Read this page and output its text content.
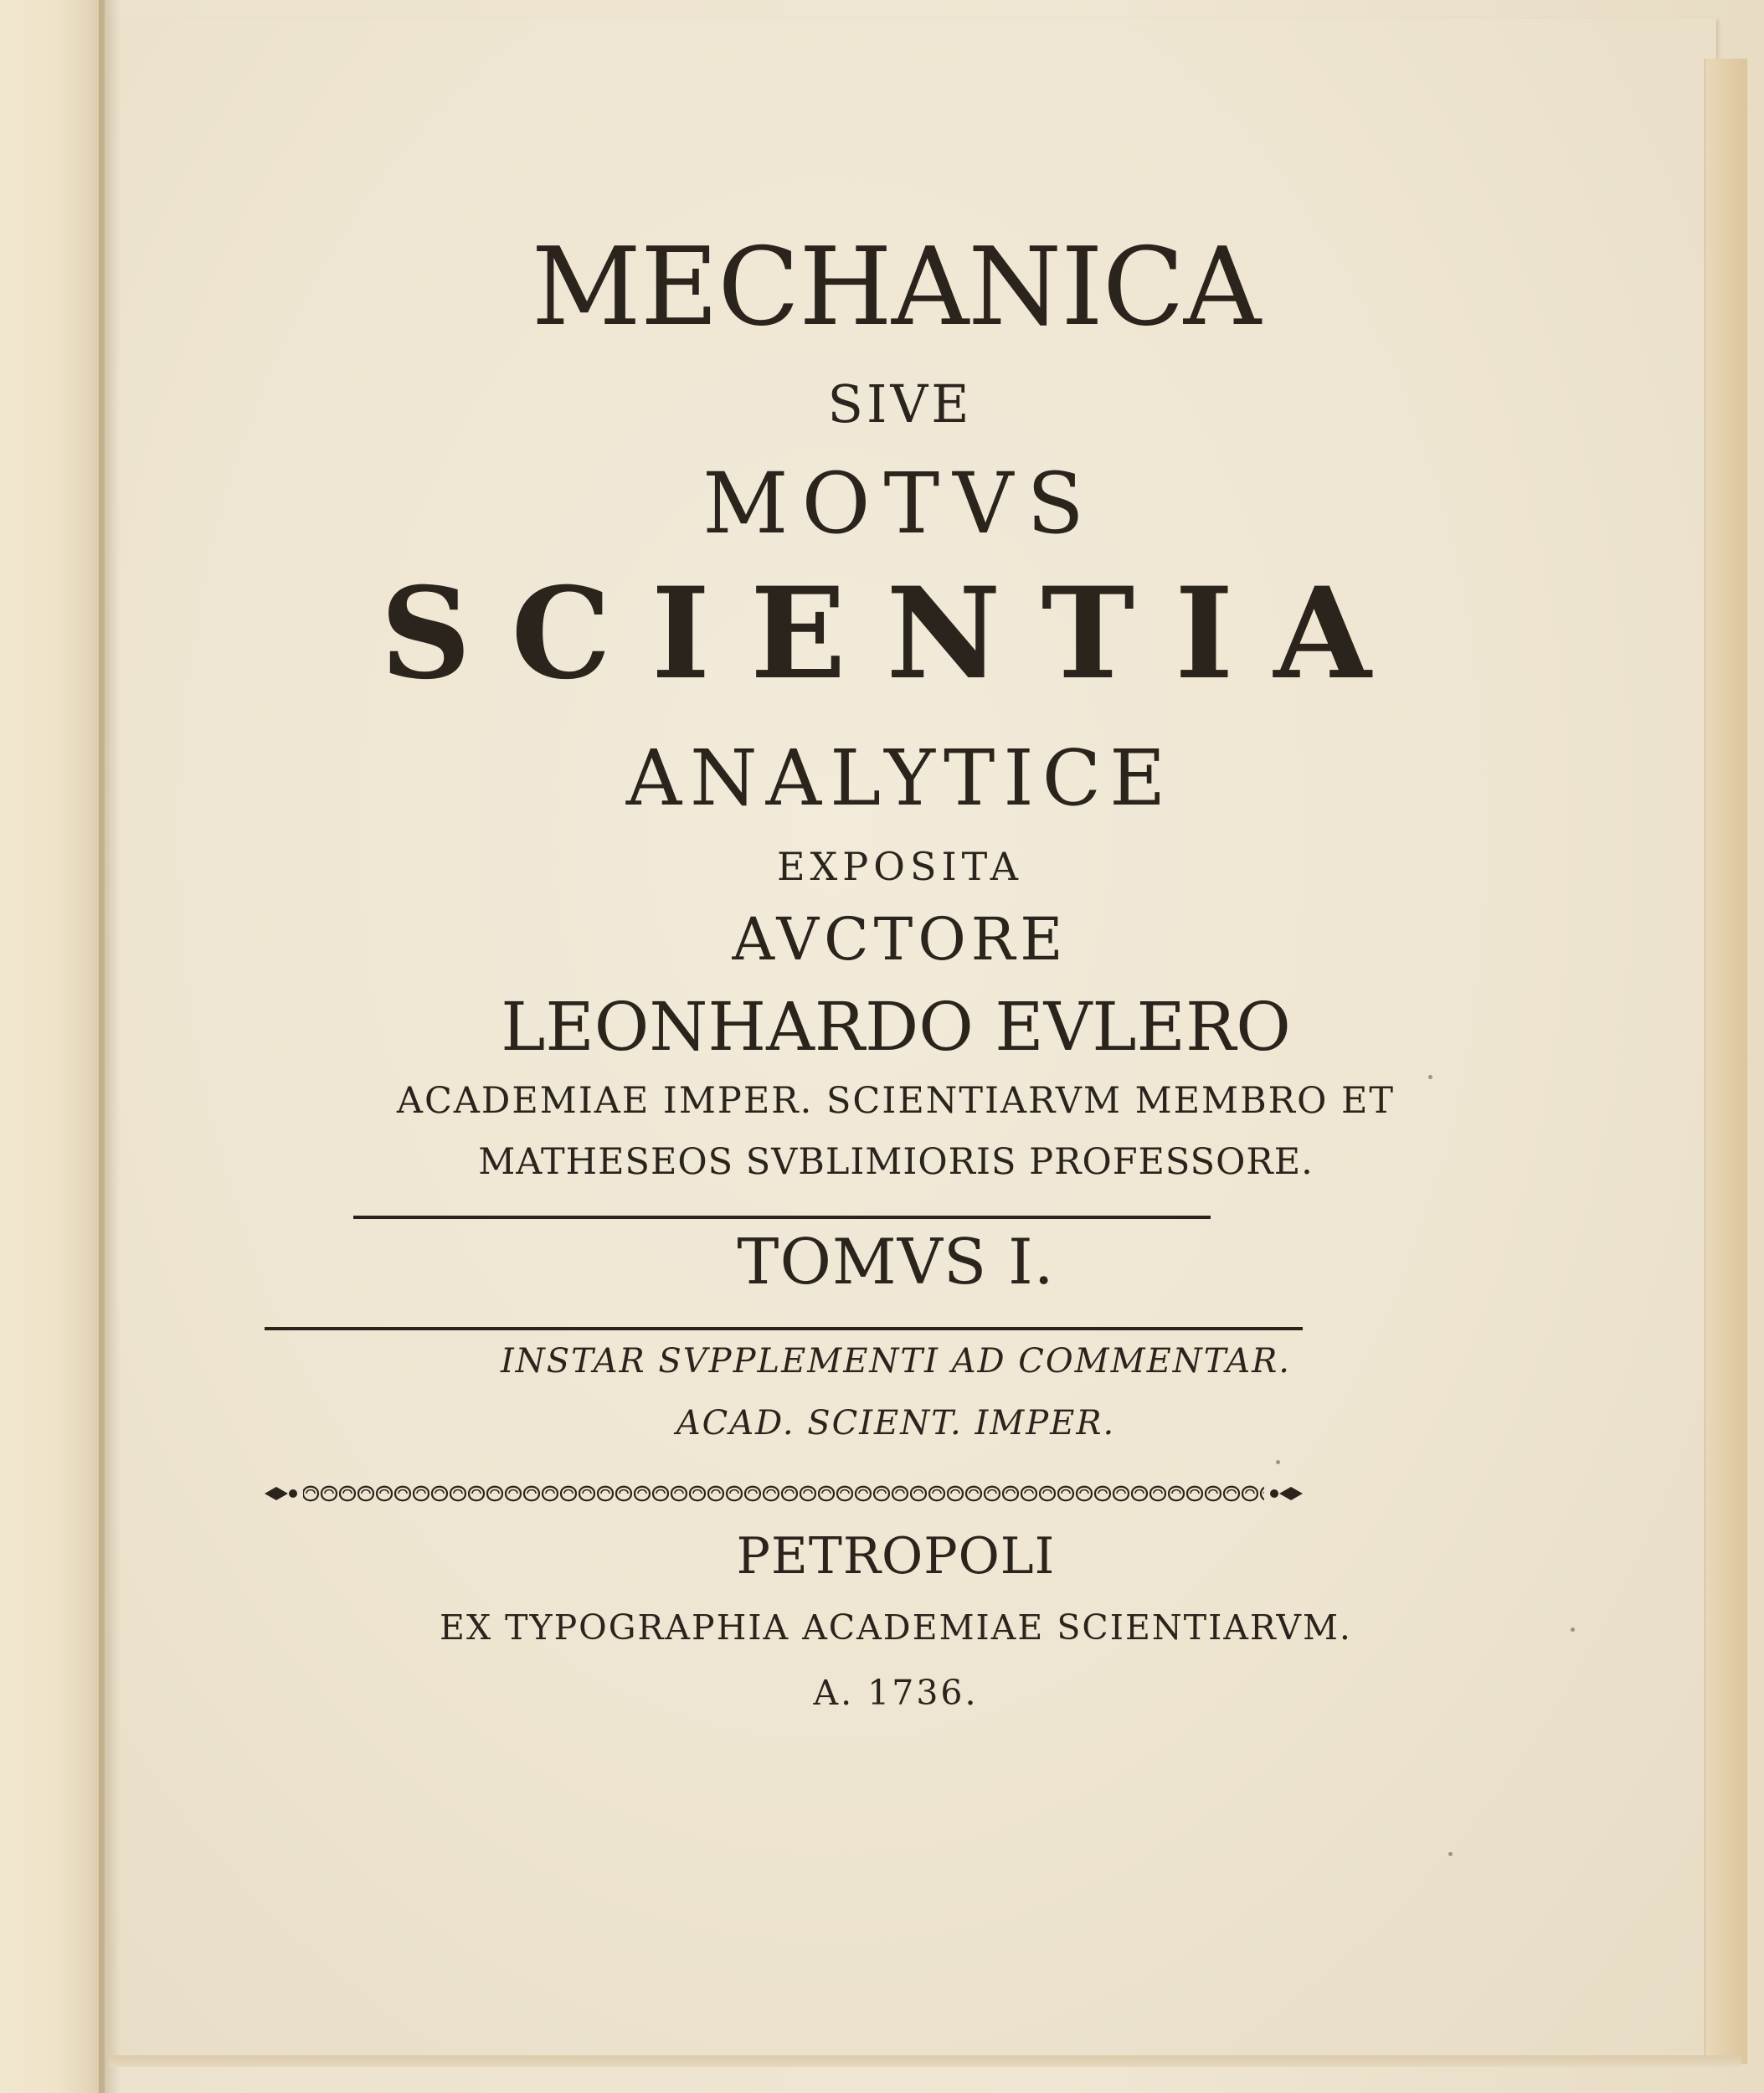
MECHANICA
SIVE
MOTVS
SCIENTIA
ANALYTICE
EXPOSITA
AVCTORE
LEONHARDO EVLERO
ACADEMIAE IMPER. SCIENTIARVM MEMBRO ET
MATHESEOS SVBLIMIORIS PROFESSORE.
TOMVS I.
INSTAR SVPPLEMENTI AD COMMENTAR.
ACAD. SCIENT. IMPER.
PETROPOLI
EX TYPOGRAPHIA ACADEMIAE SCIENTIARVM.
A. 1736.
